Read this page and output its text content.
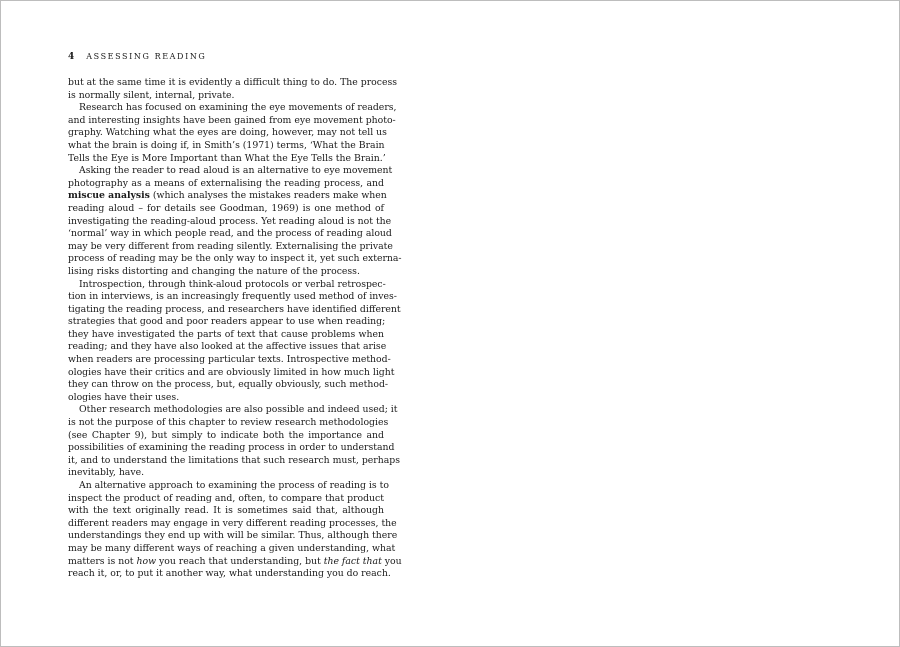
4 ASSESSING READING
but at the same time it is evidently a difficult thing to do. The process
is normally silent, internal, private.
Research has focused on examining the eye movements of readers,
and interesting insights have been gained from eye movement photo-
graphy. Watching what the eyes are doing, however, may not tell us
what the brain is doing if, in Smith’s (1971) terms, ‘What the Brain
Tells the Eye is More Important than What the Eye Tells the Brain.’
Asking the reader to read aloud is an alternative to eye movement
photography as a means of externalising the reading process, and
miscue analysis (which analyses the mistakes readers make when
reading aloud – for details see Goodman, 1969) is one method of
investigating the reading-aloud process. Yet reading aloud is not the
‘normal’ way in which people read, and the process of reading aloud
may be very different from reading silently. Externalising the private
process of reading may be the only way to inspect it, yet such externa-
lising risks distorting and changing the nature of the process.
Introspection, through think-aloud protocols or verbal retrospec-
tion in interviews, is an increasingly frequently used method of inves-
tigating the reading process, and researchers have identified different
strategies that good and poor readers appear to use when reading;
they have investigated the parts of text that cause problems when
reading; and they have also looked at the affective issues that arise
when readers are processing particular texts. Introspective method-
ologies have their critics and are obviously limited in how much light
they can throw on the process, but, equally obviously, such method-
ologies have their uses.
Other research methodologies are also possible and indeed used; it
is not the purpose of this chapter to review research methodologies
(see Chapter 9), but simply to indicate both the importance and
possibilities of examining the reading process in order to understand
it, and to understand the limitations that such research must, perhaps
inevitably, have.
An alternative approach to examining the process of reading is to
inspect the product of reading and, often, to compare that product
with the text originally read. It is sometimes said that, although
different readers may engage in very different reading processes, the
understandings they end up with will be similar. Thus, although there
may be many different ways of reaching a given understanding, what
matters is not how you reach that understanding, but the fact that you
reach it, or, to put it another way, what understanding you do reach.
